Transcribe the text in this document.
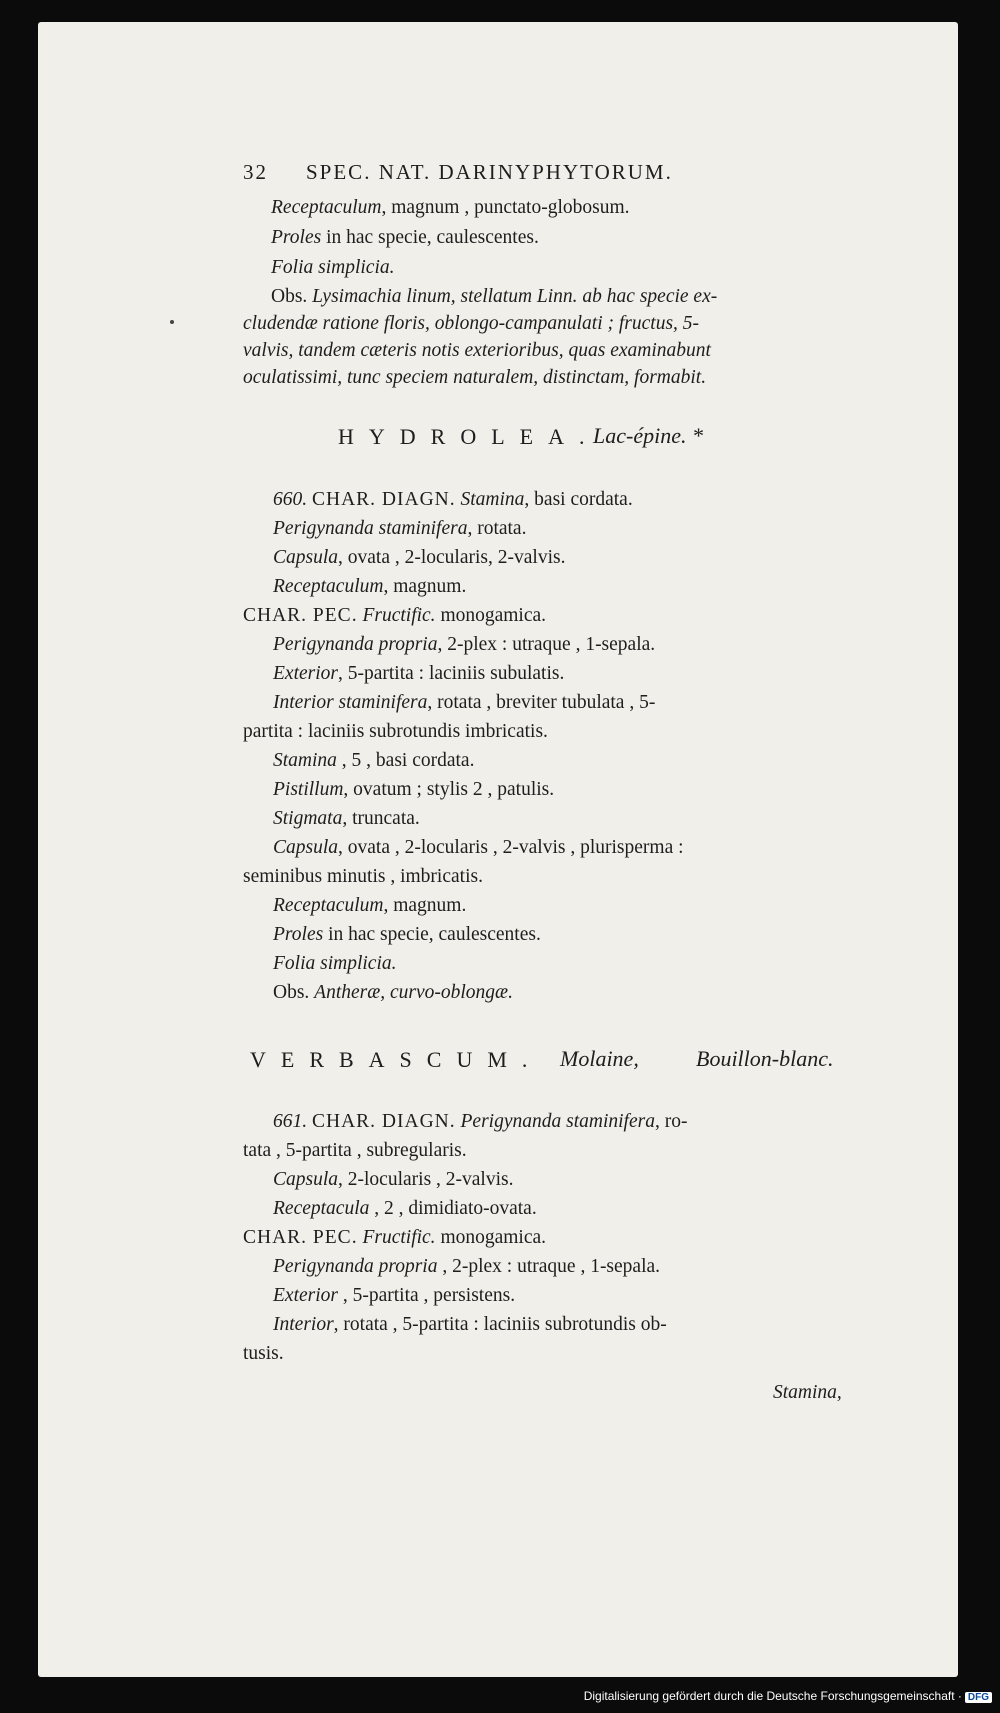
32 SPEC. NAT. DARINYPHYTORUM.
Receptaculum, magnum , punctato-globosum.
Proles in hac specie, caulescentes.
Folia simplicia.
Obs. Lysimachia linum, stellatum Linn. ab hac specie ex-
cludendæ ratione floris, oblongo-campanulati ; fructus, 5-
valvis, tandem cæteris notis exterioribus, quas examinabunt
oculatissimi, tunc speciem naturalem, distinctam, formabit.
HYDROLEA.
Lac-épine. *
660. CHAR. DIAGN. Stamina, basi cordata.
Perigynanda staminifera, rotata.
Capsula, ovata , 2-locularis, 2-valvis.
Receptaculum, magnum.
CHAR. PEC. Fructific. monogamica.
Perigynanda propria, 2-plex : utraque , 1-sepala.
Exterior, 5-partita : laciniis subulatis.
Interior staminifera, rotata , breviter tubulata , 5-
partita : laciniis subrotundis imbricatis.
Stamina , 5 , basi cordata.
Pistillum, ovatum ; stylis 2 , patulis.
Stigmata, truncata.
Capsula, ovata , 2-locularis , 2-valvis , plurisperma :
seminibus minutis , imbricatis.
Receptaculum, magnum.
Proles in hac specie, caulescentes.
Folia simplicia.
Obs. Antheræ, curvo-oblongæ.
VERBASCUM. Molaine,	Bouillon-blanc.
661. CHAR. DIAGN. Perigynanda staminifera, ro-
tata , 5-partita , subregularis.
Capsula, 2-locularis , 2-valvis.
Receptacula , 2 , dimidiato-ovata.
CHAR. PEC. Fructific. monogamica.
Perigynanda propria , 2-plex : utraque , 1-sepala.
Exterior , 5-partita , persistens.
Interior, rotata , 5-partita : laciniis subrotundis ob-
tusis.
Stamina,
Digitalisierung gefördert durch die Deutsche Forschungsgemeinschaft · DFG
